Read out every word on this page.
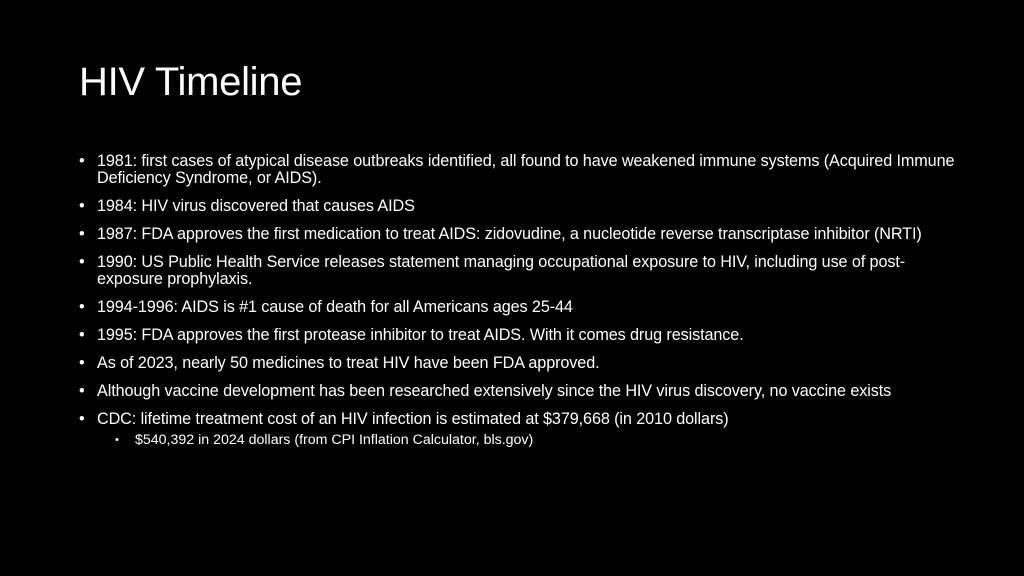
HIV Timeline
• 1981: first cases of atypical disease outbreaks identified, all found to have weakened immune systems (Acquired Immune Deficiency Syndrome, or AIDS).
• 1984: HIV virus discovered that causes AIDS
• 1987: FDA approves the first medication to treat AIDS: zidovudine, a nucleotide reverse transcriptase inhibitor (NRTI)
• 1990: US Public Health Service releases statement managing occupational exposure to HIV, including use of post-exposure prophylaxis.
• 1994-1996: AIDS is #1 cause of death for all Americans ages 25-44
• 1995: FDA approves the first protease inhibitor to treat AIDS. With it comes drug resistance.
• As of 2023, nearly 50 medicines to treat HIV have been FDA approved.
• Although vaccine development has been researched extensively since the HIV virus discovery, no vaccine exists
• CDC: lifetime treatment cost of an HIV infection is estimated at $379,668 (in 2010 dollars)
• $540,392 in 2024 dollars (from CPI Inflation Calculator, bls.gov)
